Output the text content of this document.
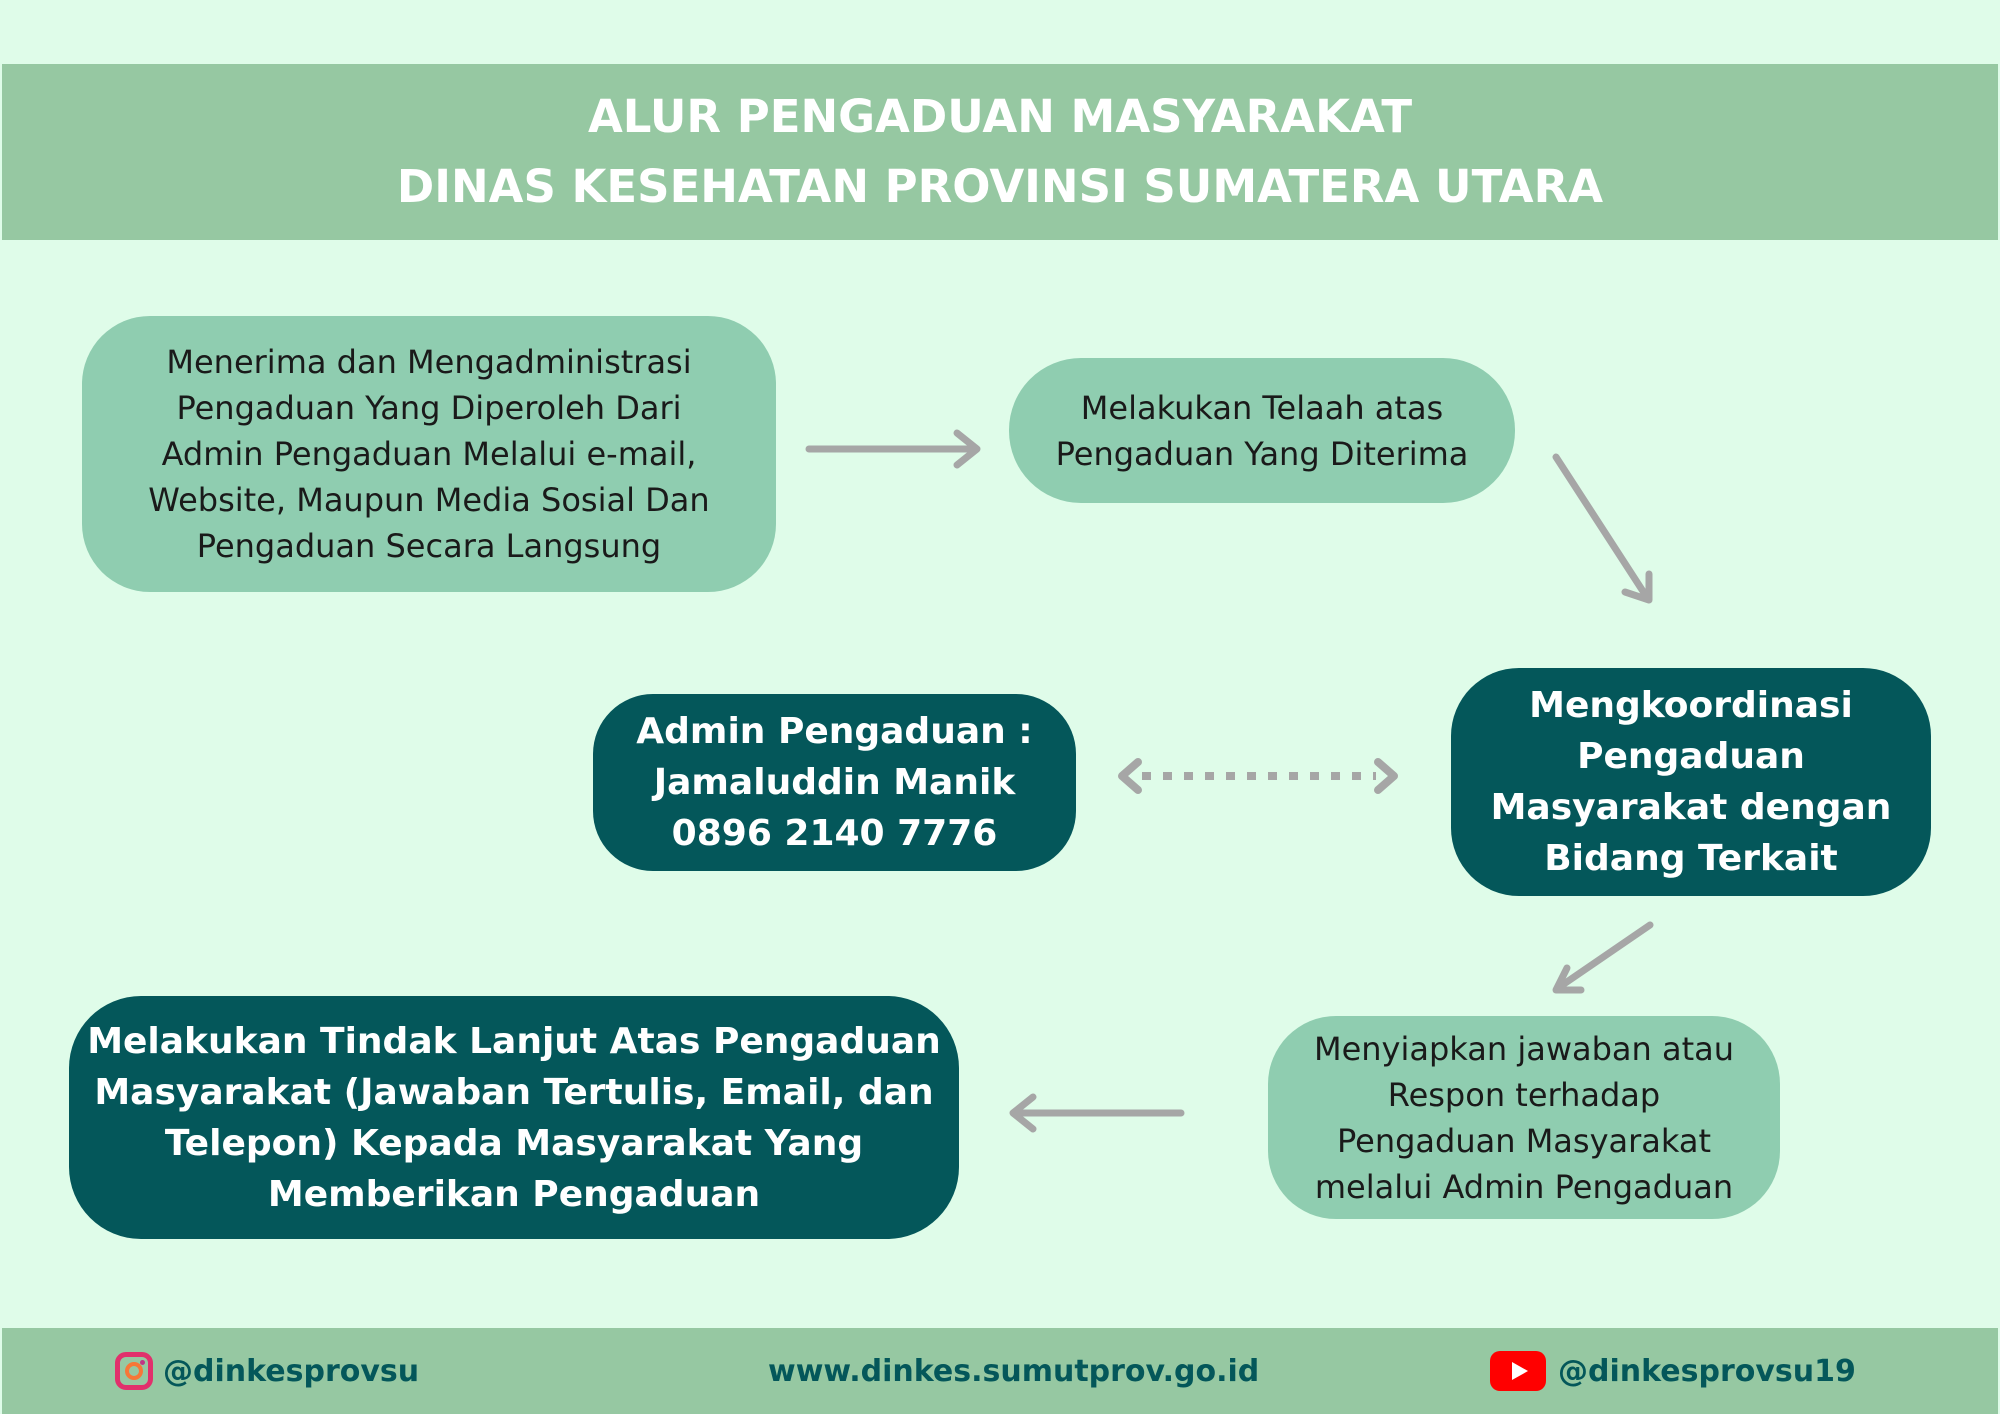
ALUR PENGADUAN MASYARAKAT
DINAS KESEHATAN PROVINSI SUMATERA UTARA
Menerima dan Mengadministrasi
Pengaduan Yang Diperoleh Dari
Admin Pengaduan Melalui e-mail,
Website, Maupun Media Sosial Dan
Pengaduan Secara Langsung
Melakukan Telaah atas
Pengaduan Yang Diterima
Mengkoordinasi
Pengaduan
Masyarakat dengan
Bidang Terkait
Admin Pengaduan :
Jamaluddin Manik
0896 2140 7776
Menyiapkan jawaban atau
Respon terhadap
Pengaduan Masyarakat
melalui Admin Pengaduan
Melakukan Tindak Lanjut Atas Pengaduan
Masyarakat (Jawaban Tertulis, Email, dan
Telepon) Kepada Masyarakat Yang
Memberikan Pengaduan
@dinkesprovsu	www.dinkes.sumutprov.go.id	@dinkesprovsu19
